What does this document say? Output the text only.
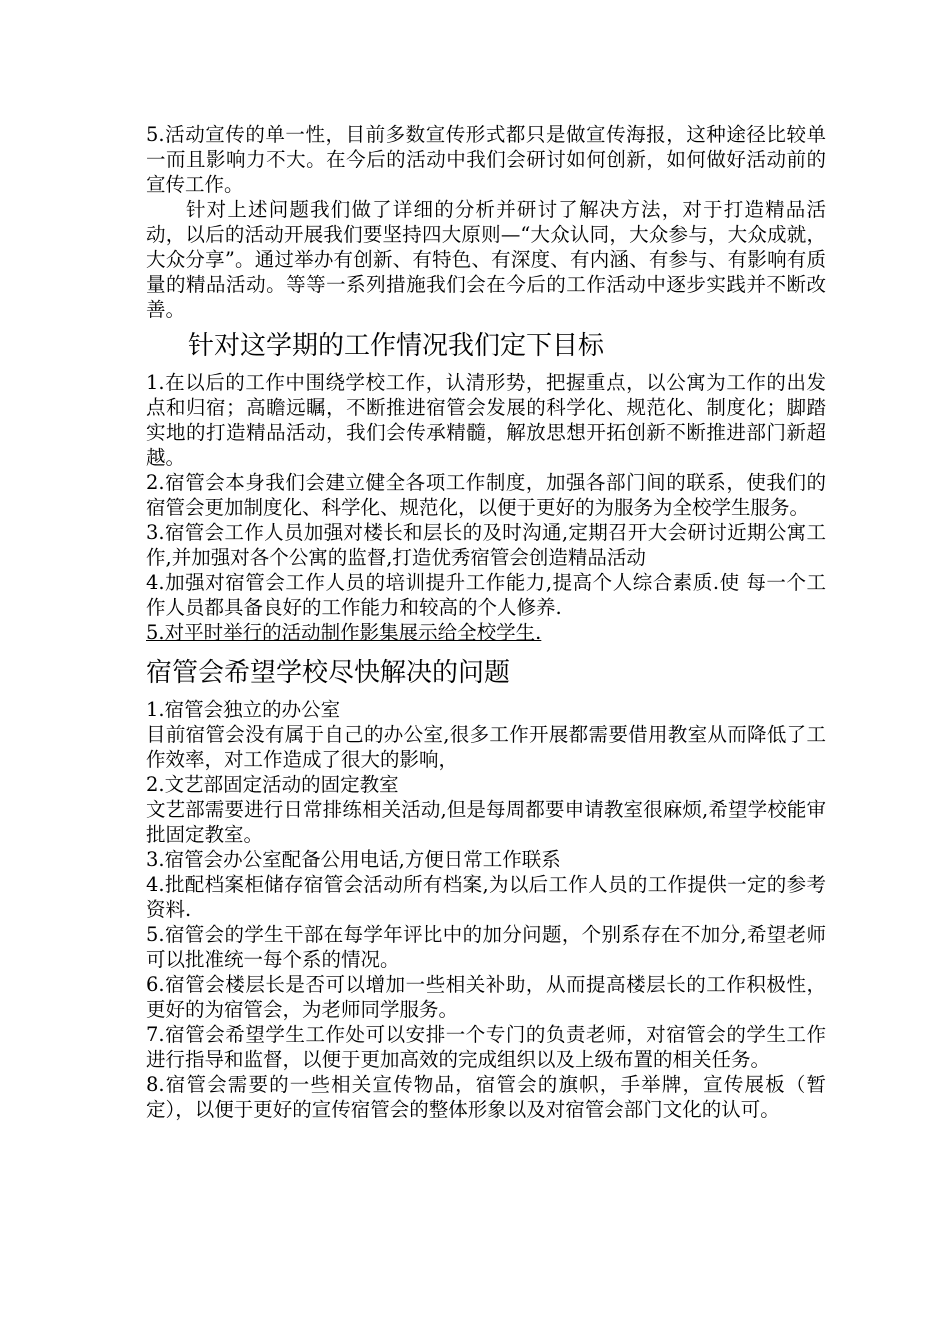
5.活动宣传的单一性，目前多数宣传形式都只是做宣传海报，这种途径比较单一而且影响力不大。在今后的活动中我们会研讨如何创新，如何做好活动前的宣传工作。

针对上述问题我们做了详细的分析并研讨了解决方法，对于打造精品活动，以后的活动开展我们要坚持四大原则—“大众认同，大众参与，大众成就，大众分享”。通过举办有创新、有特色、有深度、有内涵、有参与、有影响有质量的精品活动。等等一系列措施我们会在今后的工作活动中逐步实践并不断改善。

针对这学期的工作情况我们定下目标

1.在以后的工作中围绕学校工作，认清形势，把握重点，以公寓为工作的出发点和归宿；高瞻远瞩，不断推进宿管会发展的科学化、规范化、制度化；脚踏实地的打造精品活动，我们会传承精髓，解放思想开拓创新不断推进部门新超越。

2.宿管会本身我们会建立健全各项工作制度，加强各部门间的联系，使我们的宿管会更加制度化、科学化、规范化，以便于更好的为服务为全校学生服务。

3.宿管会工作人员加强对楼长和层长的及时沟通,定期召开大会研讨近期公寓工作,并加强对各个公寓的监督,打造优秀宿管会创造精品活动

4.加强对宿管会工作人员的培训提升工作能力,提高个人综合素质.使 每一个工作人员都具备良好的工作能力和较高的个人修养.

5.对平时举行的活动制作影集展示给全校学生.

宿管会希望学校尽快解决的问题

1.宿管会独立的办公室

目前宿管会没有属于自己的办公室,很多工作开展都需要借用教室从而降低了工作效率，对工作造成了很大的影响，

2.文艺部固定活动的固定教室

文艺部需要进行日常排练相关活动,但是每周都要申请教室很麻烦,希望学校能审批固定教室。

3.宿管会办公室配备公用电话,方便日常工作联系

4.批配档案柜储存宿管会活动所有档案,为以后工作人员的工作提供一定的参考资料.

5.宿管会的学生干部在每学年评比中的加分问题，个别系存在不加分,希望老师可以批准统一每个系的情况。

6.宿管会楼层长是否可以增加一些相关补助，从而提高楼层长的工作积极性，更好的为宿管会，为老师同学服务。

7.宿管会希望学生工作处可以安排一个专门的负责老师，对宿管会的学生工作进行指导和监督，以便于更加高效的完成组织以及上级布置的相关任务。

8.宿管会需要的一些相关宣传物品，宿管会的旗帜，手举牌，宣传展板（暂定），以便于更好的宣传宿管会的整体形象以及对宿管会部门文化的认可。
